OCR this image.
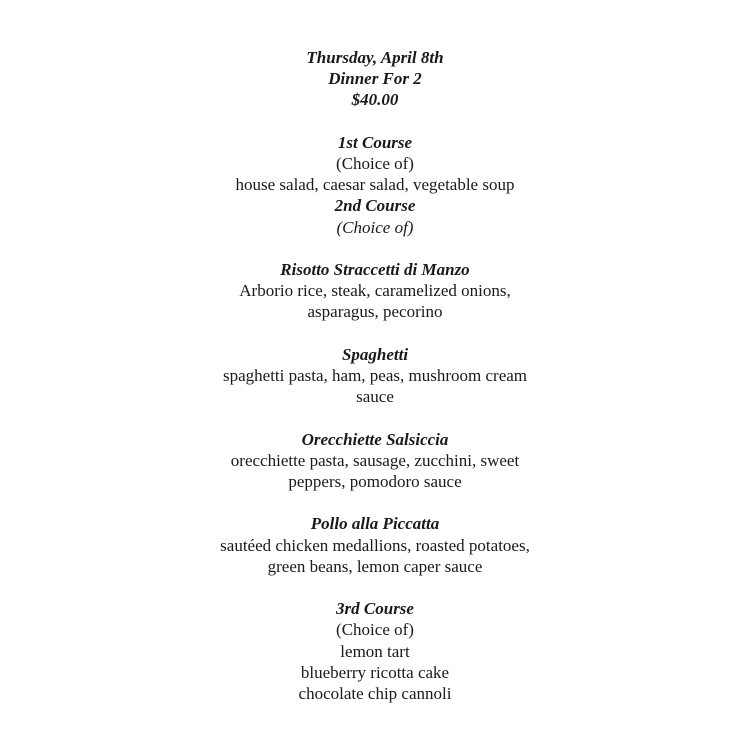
Thursday, April 8th
Dinner For 2
$40.00
1st Course
(Choice of)
house salad, caesar salad, vegetable soup
2nd Course
(Choice of)
Risotto Straccetti di Manzo
Arborio rice, steak, caramelized onions,
asparagus, pecorino
Spaghetti
spaghetti pasta, ham, peas, mushroom cream
sauce
Orecchiette Salsiccia
orecchiette pasta, sausage, zucchini, sweet
peppers, pomodoro sauce
Pollo alla Piccatta
sautéed chicken medallions, roasted potatoes,
green beans, lemon caper sauce
3rd Course
(Choice of)
lemon tart
blueberry ricotta cake
chocolate chip cannoli
